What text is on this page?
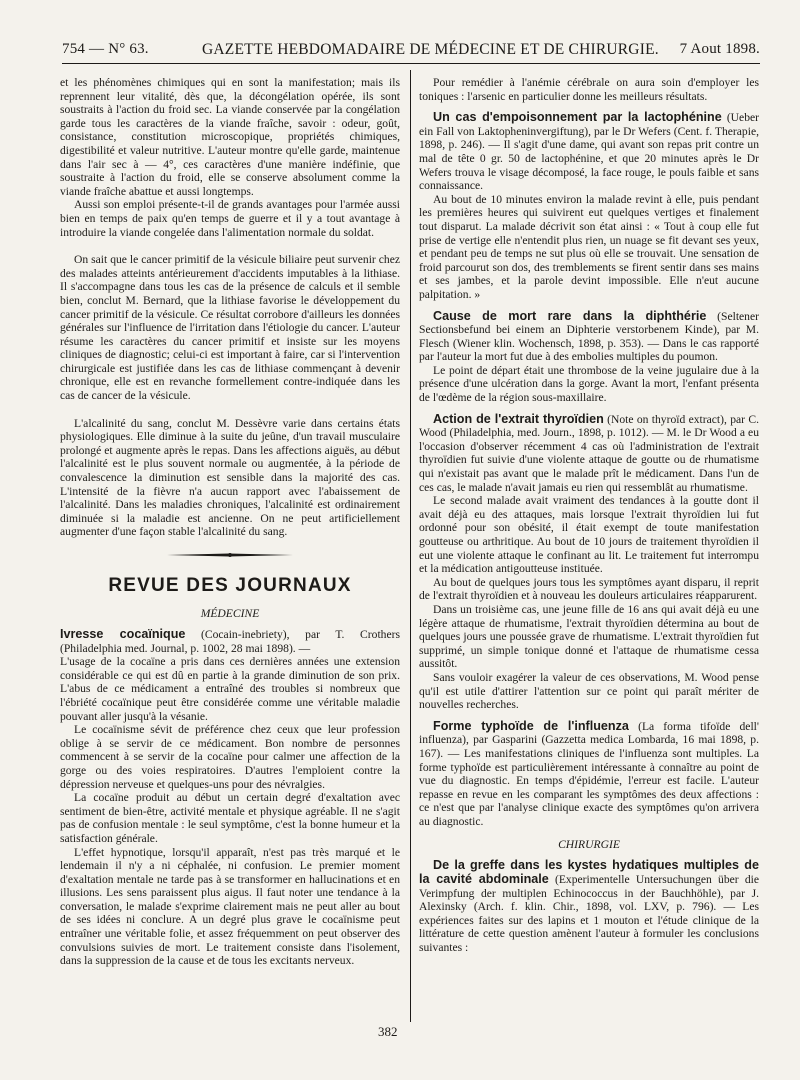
754 — N° 63.	GAZETTE HEBDOMADAIRE DE MÉDECINE ET DE CHIRURGIE. 7 Aout 1898.

et les phénomènes chimiques qui en sont la manifestation; mais ils reprennent leur vitalité, dès que, la décongélation opérée, ils sont soustraits à l'action du froid sec. La viande conservée par la congélation garde tous les caractères de la viande fraîche, savoir : odeur, goût, consistance, constitution microscopique, propriétés chimiques, digestibilité et valeur nutritive. L'auteur montre qu'elle garde, maintenue dans l'air sec à — 4°, ces caractères d'une manière indéfinie, que soustraite à l'action du froid, elle se conserve absolument comme la viande fraîche abattue et aussi longtemps.

Aussi son emploi présente-t-il de grands avantages pour l'armée aussi bien en temps de paix qu'en temps de guerre et il y a tout avantage à introduire la viande congelée dans l'alimentation normale du soldat.

On sait que le cancer primitif de la vésicule biliaire peut survenir chez des malades atteints antérieurement d'accidents imputables à la lithiase. Il s'accompagne dans tous les cas de la présence de calculs et il semble bien, conclut M. Bernard, que la lithiase favorise le développement du cancer primitif de la vésicule. Ce résultat corrobore d'ailleurs les données générales sur l'influence de l'irritation dans l'étiologie du cancer. L'auteur résume les caractères du cancer primitif et insiste sur les moyens cliniques de diagnostic; celui-ci est important à faire, car si l'intervention chirurgicale est justifiée dans les cas de lithiase commençant à devenir chronique, elle est en revanche formellement contre-indiquée dans les cas de cancer de la vésicule.

L'alcalinité du sang, conclut M. Dessèvre varie dans certains états physiologiques. Elle diminue à la suite du jeûne, d'un travail musculaire prolongé et augmente après le repas. Dans les affections aiguës, au début l'alcalinité est le plus souvent normale ou augmentée, à la période de convalescence la diminution est sensible dans la majorité des cas. L'intensité de la fièvre n'a aucun rapport avec l'abaissement de l'alcalinité. Dans les maladies chroniques, l'alcalinité est ordinairement diminuée si la maladie est ancienne. On ne peut artificiellement augmenter d'une façon stable l'alcalinité du sang.

REVUE DES JOURNAUX
MÉDECINE

Ivresse cocaïnique (Cocain-inebriety), par T. Crothers (Philadelphia med. Journal, p. 1002, 28 mai 1898). —

L'usage de la cocaïne a pris dans ces dernières années une extension considérable ce qui est dû en partie à la grande diminution de son prix. L'abus de ce médicament a entraîné des troubles si nombreux que l'ébriété cocaïnique peut être considérée comme une véritable maladie pouvant aller jusqu'à la vésanie.

Le cocaïnisme sévit de préférence chez ceux que leur profession oblige à se servir de ce médicament. Bon nombre de personnes commencent à se servir de la cocaïne pour calmer une affection de la gorge ou des voies respiratoires. D'autres l'emploient contre la dépression nerveuse et quelques-uns pour des névralgies.

La cocaïne produit au début un certain degré d'exaltation avec sentiment de bien-être, activité mentale et physique agréable. Il ne s'agit pas de confusion mentale : le seul symptôme, c'est la bonne humeur et la satisfaction générale.

L'effet hypnotique, lorsqu'il apparaît, n'est pas très marqué et le lendemain il n'y a ni céphalée, ni confusion. Le premier moment d'exaltation mentale ne tarde pas à se transformer en hallucinations et en illusions. Les sens paraissent plus aigus. Il faut noter une tendance à la conversation, le malade s'exprime clairement mais ne peut aller au bout de ses idées ni conclure. A un degré plus grave le cocaïnisme peut entraîner une véritable folie, et assez fréquemment on peut observer des convulsions suivies de mort. Le traitement consiste dans l'isolement, dans la suppression de la cause et de tous les excitants nerveux.

Pour remédier à l'anémie cérébrale on aura soin d'employer les toniques : l'arsenic en particulier donne les meilleurs résultats.

Un cas d'empoisonnement par la lactophénine (Ueber ein Fall von Laktopheninvergiftung), par le Dr Wefers (Cent. f. Therapie, 1898, p. 246). — Il s'agit d'une dame, qui avant son repas prit contre un mal de tête 0 gr. 50 de lactophénine, et que 20 minutes après le Dr Wefers trouva le visage décomposé, la face rouge, le pouls faible et sans connaissance.

Au bout de 10 minutes environ la malade revint à elle, puis pendant les premières heures qui suivirent eut quelques vertiges et finalement tout disparut. La malade décrivit son état ainsi : « Tout à coup elle fut prise de vertige elle n'entendit plus rien, un nuage se fit devant ses yeux, et pendant peu de temps ne sut plus où elle se trouvait. Une sensation de froid parcourut son dos, des tremblements se firent sentir dans ses mains et ses jambes, et la parole devint impossible. Elle n'eut aucune palpitation. »

Cause de mort rare dans la diphthérie (Seltener Sectionsbefund bei einem an Diphterie verstorbenem Kinde), par M. Flesch (Wiener klin. Wochensch, 1898, p. 353). — Dans le cas rapporté par l'auteur la mort fut due à des embolies multiples du poumon.

Le point de départ était une thrombose de la veine jugulaire due à la présence d'une ulcération dans la gorge. Avant la mort, l'enfant présenta de l'œdème de la région sous-maxillaire.

Action de l'extrait thyroïdien (Note on thyroïd extract), par C. Wood (Philadelphia, med. Journ., 1898, p. 1012). — M. le Dr Wood a eu l'occasion d'observer récemment 4 cas où l'administration de l'extrait thyroïdien fut suivie d'une violente attaque de goutte ou de rhumatisme qui n'existait pas avant que le malade prît le médicament. Dans l'un de ces cas, le malade n'avait jamais eu rien qui ressemblât au rhumatisme.

Le second malade avait vraiment des tendances à la goutte dont il avait déjà eu des attaques, mais lorsque l'extrait thyroïdien lui fut ordonné pour son obésité, il était exempt de toute manifestation goutteuse ou arthritique. Au bout de 10 jours de traitement thyroïdien il eut une violente attaque le confinant au lit. Le traitement fut interrompu et la médication antigoutteuse instituée.

Au bout de quelques jours tous les symptômes ayant disparu, il reprit de l'extrait thyroïdien et à nouveau les douleurs articulaires réapparurent.

Dans un troisième cas, une jeune fille de 16 ans qui avait déjà eu une légère attaque de rhumatisme, l'extrait thyroïdien détermina au bout de quelques jours une poussée grave de rhumatisme. L'extrait thyroïdien fut supprimé, un simple tonique donné et l'attaque de rhumatisme cessa aussitôt.

Sans vouloir exagérer la valeur de ces observations, M. Wood pense qu'il est utile d'attirer l'attention sur ce point qui paraît mériter de nouvelles recherches.

Forme typhoïde de l'influenza (La forma tifoïde dell' influenza), par Gasparini (Gazzetta medica Lombarda, 16 mai 1898, p. 167). — Les manifestations cliniques de l'influenza sont multiples. La forme typhoïde est particulièrement intéressante à connaître au point de vue du diagnostic. En temps d'épidémie, l'erreur est facile. L'auteur repasse en revue en les comparant les symptômes des deux affections : ce n'est que par l'analyse clinique exacte des symptômes qu'on arrivera au diagnostic.

CHIRURGIE

De la greffe dans les kystes hydatiques multiples de la cavité abdominale (Experimentelle Untersuchungen über die Verimpfung der multiplen Echinococcus in der Bauchhöhle), par J. Alexinsky (Arch. f. klin. Chir., 1898, vol. LXV, p. 796). — Les expériences faites sur des lapins et 1 mouton et l'étude clinique de la littérature de cette question amènent l'auteur à formuler les conclusions suivantes :

382
